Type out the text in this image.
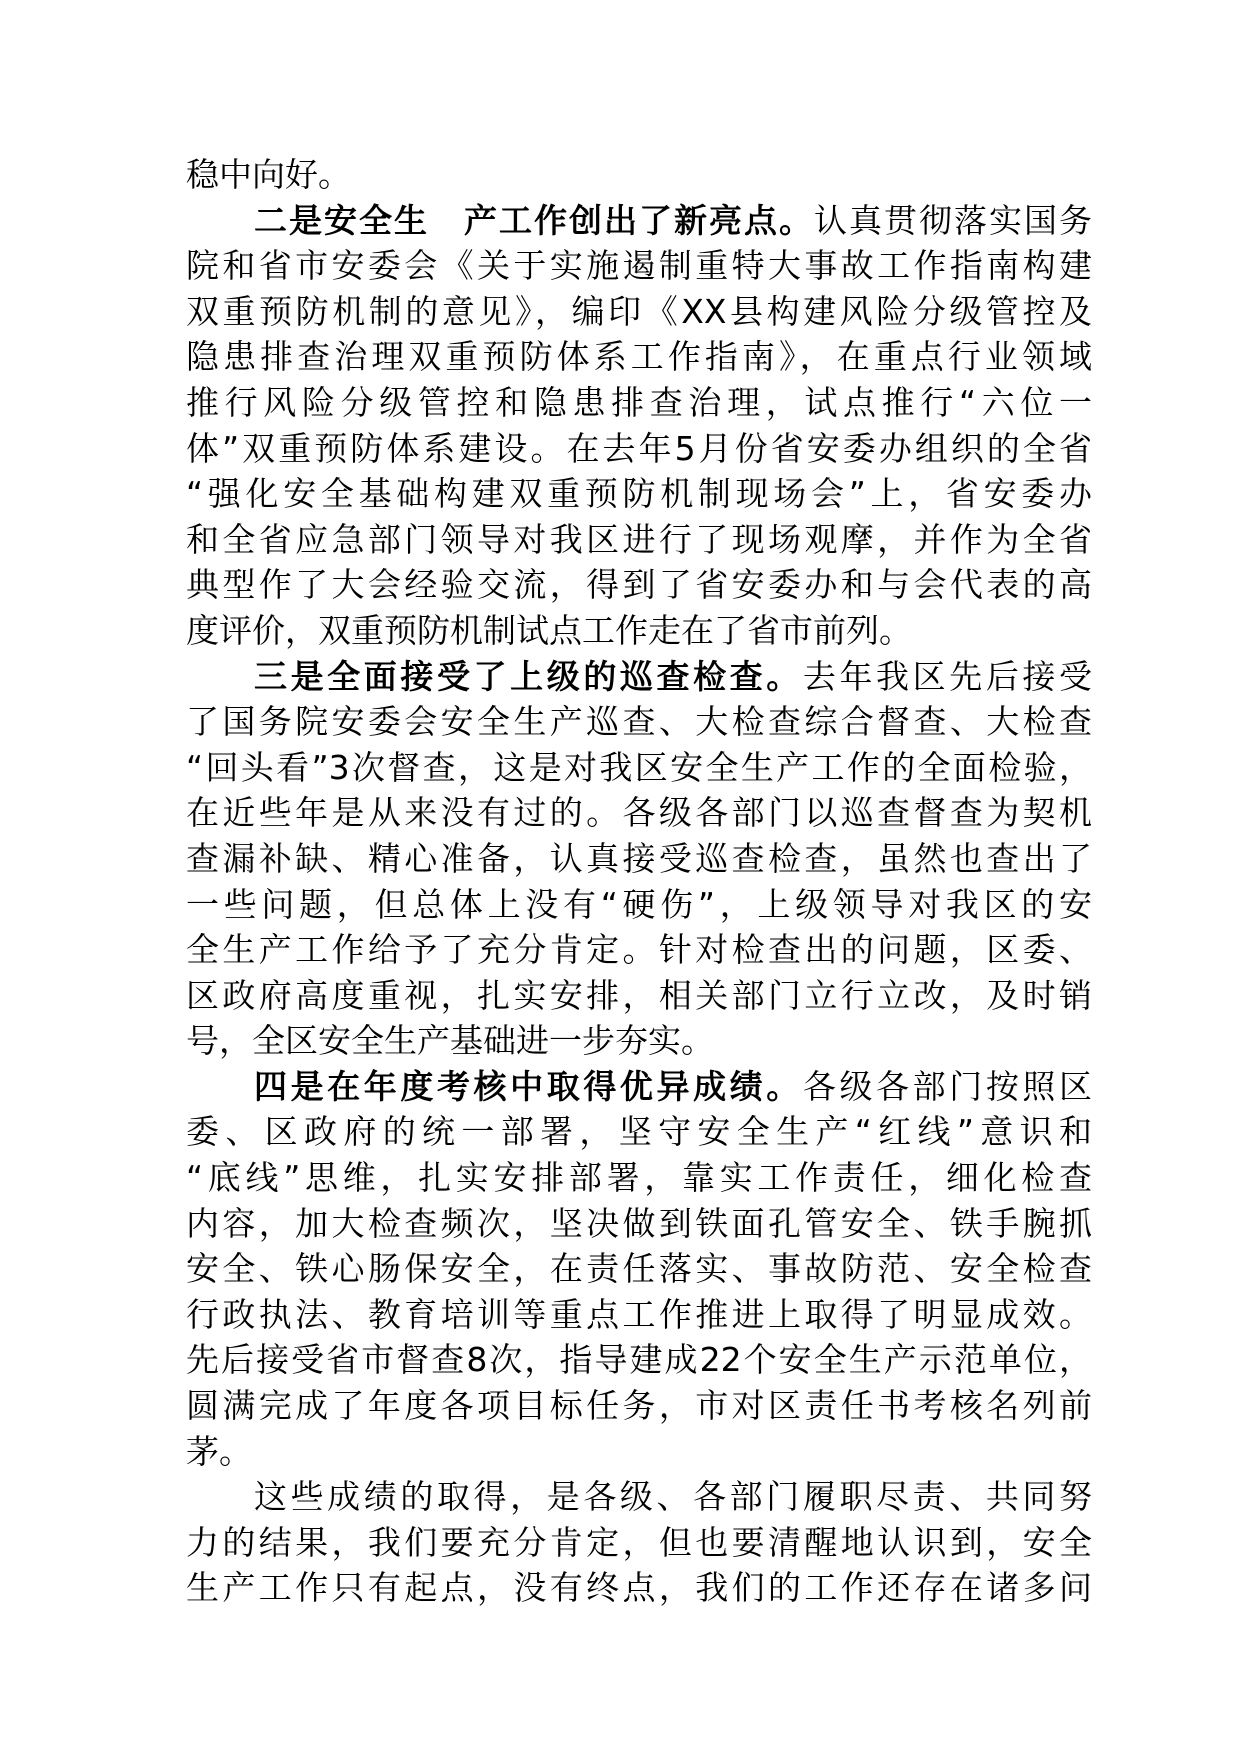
稳中向好。
二是安全生 产工作创出了新亮点。认真贯彻落实国务
院和省市安委会《关于实施遏制重特大事故工作指南构建
双重预防机制的意见》，编印《XX县构建风险分级管控及
隐患排查治理双重预防体系工作指南》，在重点行业领域
推行风险分级管控和隐患排查治理，试点推行“六位一
体”双重预防体系建设。在去年5月份省安委办组织的全省
“强化安全基础构建双重预防机制现场会”上，省安委办
和全省应急部门领导对我区进行了现场观摩，并作为全省
典型作了大会经验交流，得到了省安委办和与会代表的高
度评价，双重预防机制试点工作走在了省市前列。
三是全面接受了上级的巡查检查。去年我区先后接受
了国务院安委会安全生产巡查、大检查综合督查、大检查
“回头看”3次督查，这是对我区安全生产工作的全面检验，
在近些年是从来没有过的。各级各部门以巡查督查为契机
查漏补缺、精心准备，认真接受巡查检查，虽然也查出了
一些问题，但总体上没有“硬伤”，上级领导对我区的安
全生产工作给予了充分肯定。针对检查出的问题，区委、
区政府高度重视，扎实安排，相关部门立行立改，及时销
号，全区安全生产基础进一步夯实。
四是在年度考核中取得优异成绩。各级各部门按照区
委、区政府的统一部署，坚守安全生产“红线”意识和
“底线”思维，扎实安排部署，靠实工作责任，细化检查
内容，加大检查频次，坚决做到铁面孔管安全、铁手腕抓
安全、铁心肠保安全，在责任落实、事故防范、安全检查
行政执法、教育培训等重点工作推进上取得了明显成效。
先后接受省市督查8次，指导建成22个安全生产示范单位，
圆满完成了年度各项目标任务，市对区责任书考核名列前
茅。
这些成绩的取得，是各级、各部门履职尽责、共同努
力的结果，我们要充分肯定，但也要清醒地认识到，安全
生产工作只有起点，没有终点，我们的工作还存在诸多问
